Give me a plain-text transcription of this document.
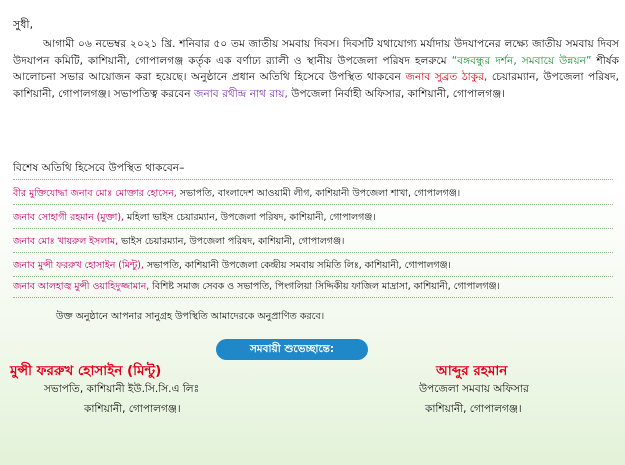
সুধী,
আগামী ০৬ নভেম্বর ২০২১ খ্রি. শনিবার ৫০ তম জাতীয় সমবায় দিবস। দিবসটি যথাযোগ্য মর্যাদায় উদযাপনের লক্ষ্যে জাতীয় সমবায় দিবস উদযাপন কমিটি, কাশিয়ানী, গোপালগঞ্জ কর্তৃক এক বর্ণাঢ্য র‌্যালী ও স্থানীয় উপজেলা পরিষদ হলরুমে “বঙ্গবন্ধুর দর্শন, সমবায়ে উন্নয়ন” শীর্ষক আলোচনা সভার আয়োজন করা হয়েছে। অনুষ্ঠানে প্রধান অতিথি হিসেবে উপস্থিত থাকবেন জনাব সুব্রত ঠাকুর, চেয়ারম্যান, উপজেলা পরিষদ, কাশিয়ানী, গোপালগঞ্জ। সভাপতিত্ব করবেন জনাব রথীন্দ্র নাথ রায়, উপজেলা নির্বাহী অফিসার, কাশিয়ানী, গোপালগঞ্জ।
বিশেষ অতিথি হিসেবে উপস্থিত থাকবেন–
বীর মুক্তিযোদ্ধা জনাব মোঃ মোক্তার হোসেন, সভাপতি, বাংলাদেশ আওয়ামী লীগ, কাশিয়ানী উপজেলা শাখা, গোপালগঞ্জ।
জনাব সোহাগী রহমান (মুক্তা), মহিলা ভাইস চেয়ারম্যান, উপজেলা পরিষদ, কাশিয়ানী, গোপালগঞ্জ।
জনাব মোঃ খায়রুল ইসলাম, ভাইস চেয়ারম্যান, উপজেলা পরিষদ, কাশিয়ানী, গোপালগঞ্জ।
জনাব মুন্সী ফররুখ হোসাইন (মিন্টু), সভাপতি, কাশিয়ানী উপজেলা কেন্দ্রীয় সমবায় সমিতি লিঃ, কাশিয়ানী, গোপালগঞ্জ।
জনাব আলহাজ্ব মুন্সী ওয়াহিদুজ্জামান, বিশিষ্ট সমাজ সেবক ও সভাপতি, পিংগলিয়া সিদ্দিকীয় ফাজিল মাদ্রাসা, কাশিয়ানী, গোপালগঞ্জ।
উক্ত অনুষ্ঠানে আপনার সানুগ্রহ উপস্থিতি আমাদেরকে অনুপ্রাণিত করবে।
সমবায়ী শুভেচ্ছান্তে:
মুন্সী ফররুখ হোসাইন (মিন্টু)
সভাপতি, কাশিয়ানী ইউ.সি.সি.এ লিঃ
কাশিয়ানী, গোপালগঞ্জ।
আব্দুর রহমান
উপজেলা সমবায় অফিসার
কাশিয়ানী, গোপালগঞ্জ।
